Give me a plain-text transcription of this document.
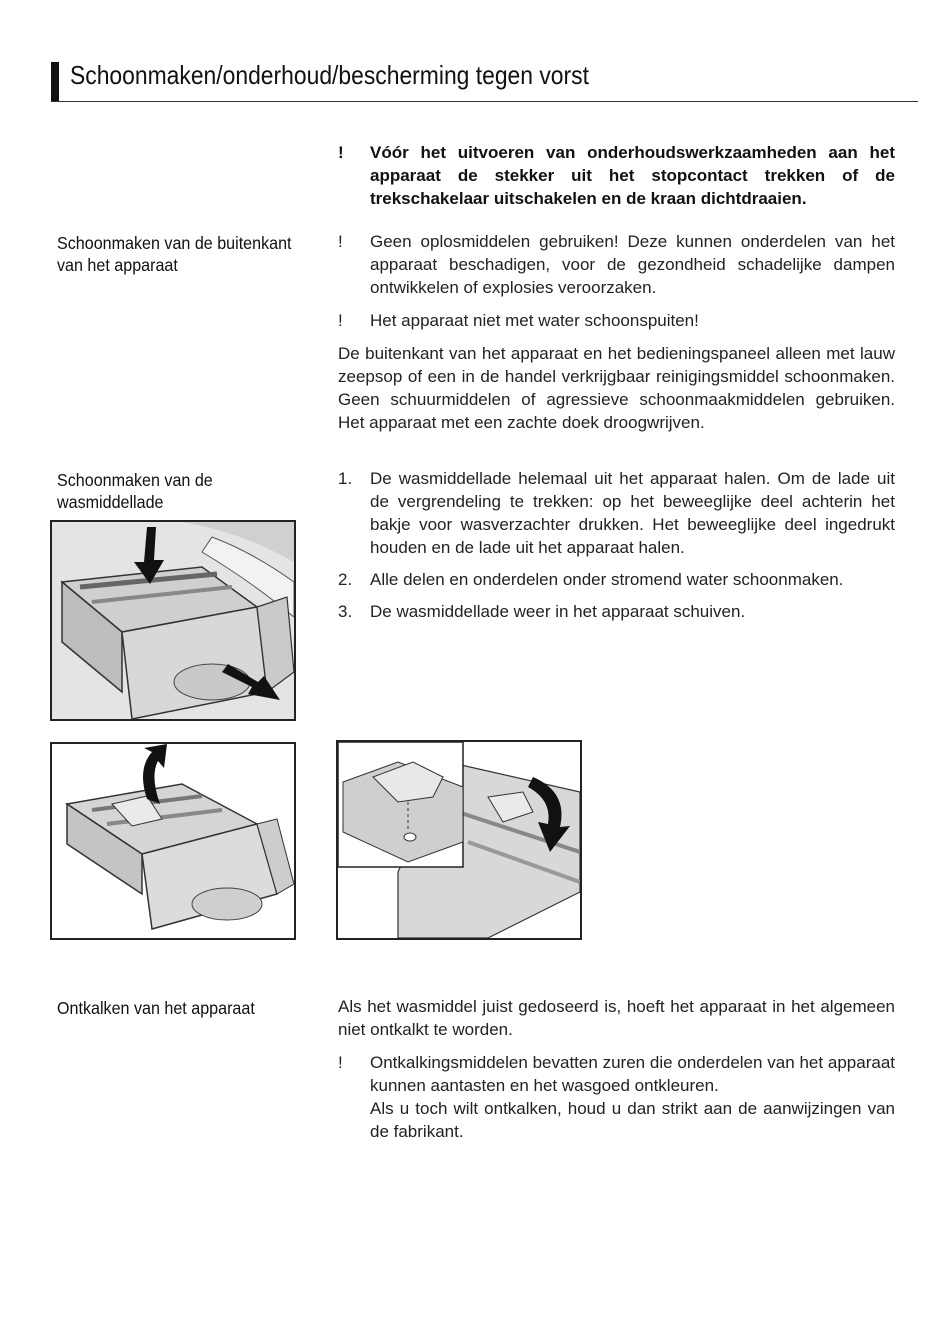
Schoonmaken/onderhoud/bescherming tegen vorst
! Vóór het uitvoeren van onderhoudswerkzaamheden aan het apparaat de stekker uit het stopcontact trekken of de trekschakelaar uitschakelen en de kraan dichtdraaien.
Schoonmaken van de buitenkant van het apparaat
! Geen oplosmiddelen gebruiken! Deze kunnen onderdelen van het apparaat beschadigen, voor de gezondheid schadelijke dampen ontwikkelen of explosies veroorzaken.
! Het apparaat niet met water schoonspuiten!
De buitenkant van het apparaat en het bedieningspaneel alleen met lauw zeepsop of een in de handel verkrijgbaar reinigingsmiddel schoonmaken. Geen schuurmiddelen of agressieve schoonmaakmiddelen gebruiken. Het apparaat met een zachte doek droogwrijven.
Schoonmaken van de wasmiddellade
1. De wasmiddellade helemaal uit het apparaat halen. Om de lade uit de vergrendeling te trekken: op het beweeglijke deel achterin het bakje voor wasverzachter drukken. Het beweeglijke deel ingedrukt houden en de lade uit het apparaat halen.
2. Alle delen en onderdelen onder stromend water schoonmaken.
3. De wasmiddellade weer in het apparaat schuiven.
Ontkalken van het apparaat	Als het wasmiddel juist gedoseerd is, hoeft het apparaat in het algemeen niet ontkalkt te worden.
! Ontkalkingsmiddelen bevatten zuren die onderdelen van het apparaat kunnen aantasten en het wasgoed ontkleuren.
Als u toch wilt ontkalken, houd u dan strikt aan de aanwijzingen van de fabrikant.
